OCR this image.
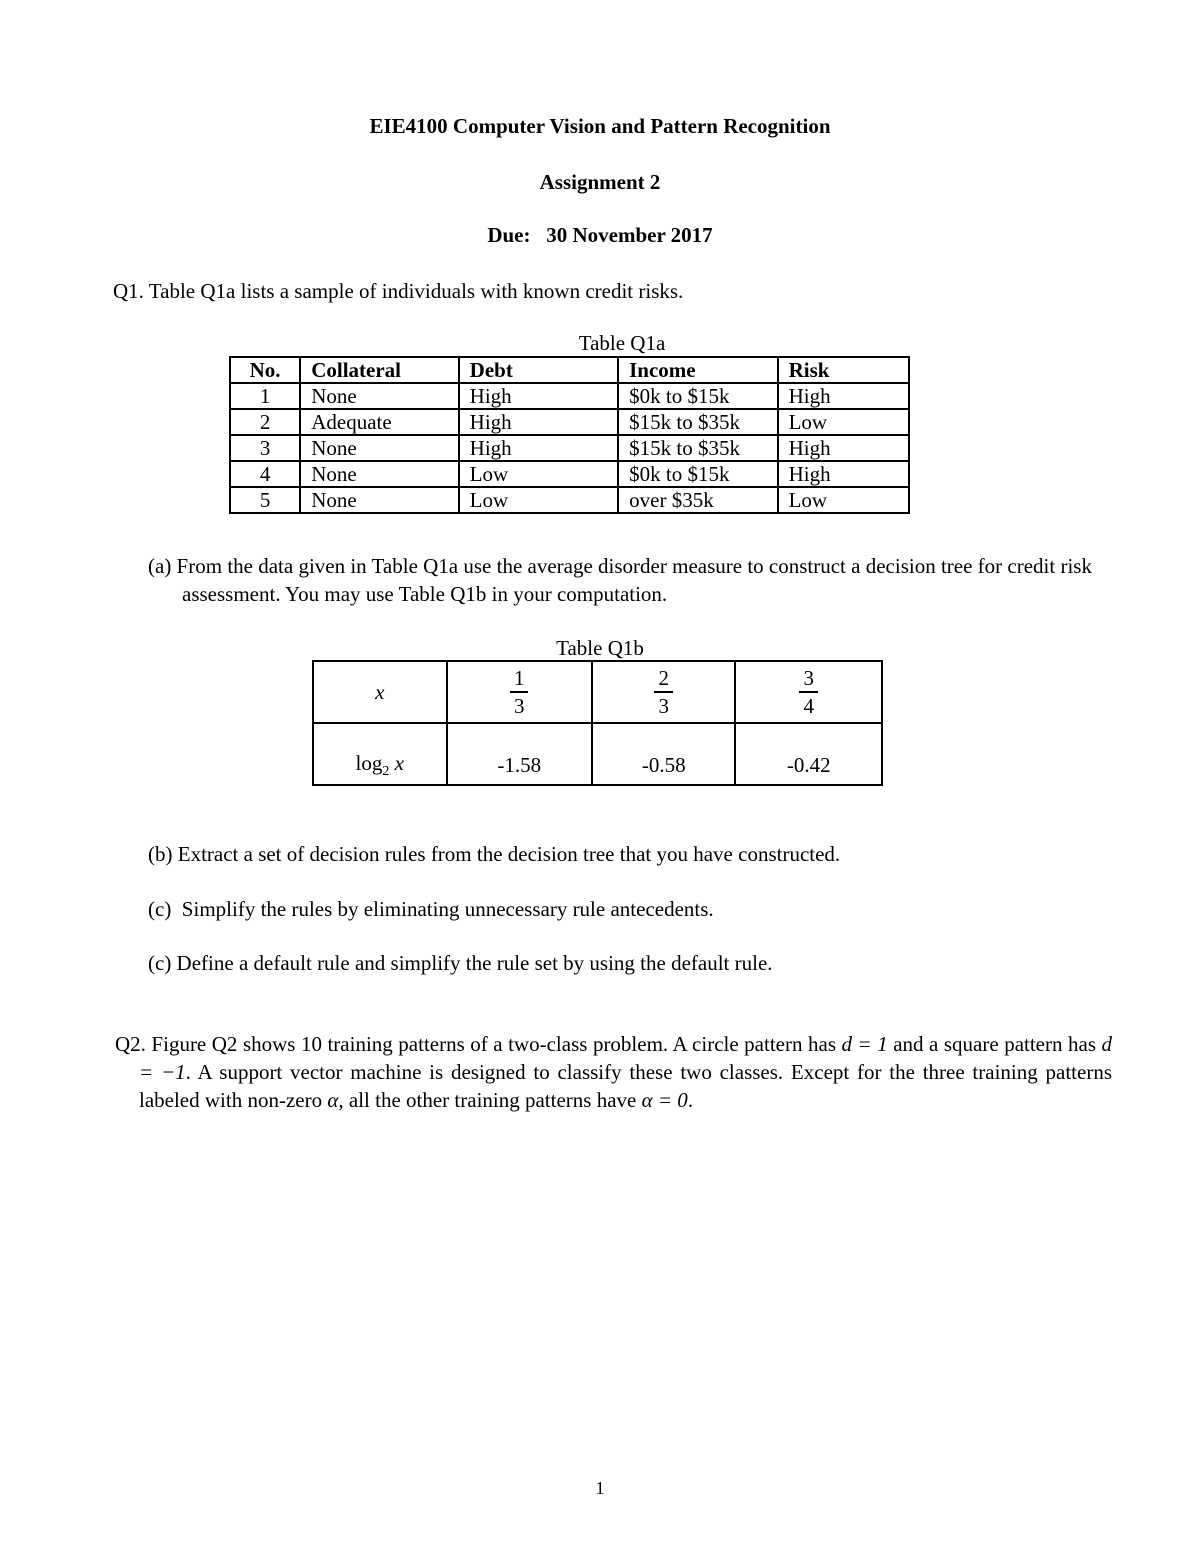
EIE4100 Computer Vision and Pattern Recognition
Assignment 2
Due:   30 November 2017
Q1. Table Q1a lists a sample of individuals with known credit risks.
Table Q1a
No.	Collateral	Debt	Income	Risk
1	None	High	$0k to $15k	High
2	Adequate	High	$15k to $35k	Low
3	None	High	$15k to $35k	High
4	None	Low	$0k to $15k	High
5	None	Low	over $35k	Low
(a) From the data given in Table Q1a use the average disorder measure to construct a decision tree for credit risk assessment. You may use Table Q1b in your computation.
Table Q1b
x	$\frac{1}{3}$	$\frac{2}{3}$	$\frac{3}{4}$

$\log_2 x$	-1.58	-0.58	-0.42
(b) Extract a set of decision rules from the decision tree that you have constructed.
(c)  Simplify the rules by eliminating unnecessary rule antecedents.
(c) Define a default rule and simplify the rule set by using the default rule.
Q2. Figure Q2 shows 10 training patterns of a two-class problem. A circle pattern has d = 1 and a square pattern has d = −1. A support vector machine is designed to classify these two classes. Except for the three training patterns labeled with non-zero α, all the other training patterns have α = 0.
1
